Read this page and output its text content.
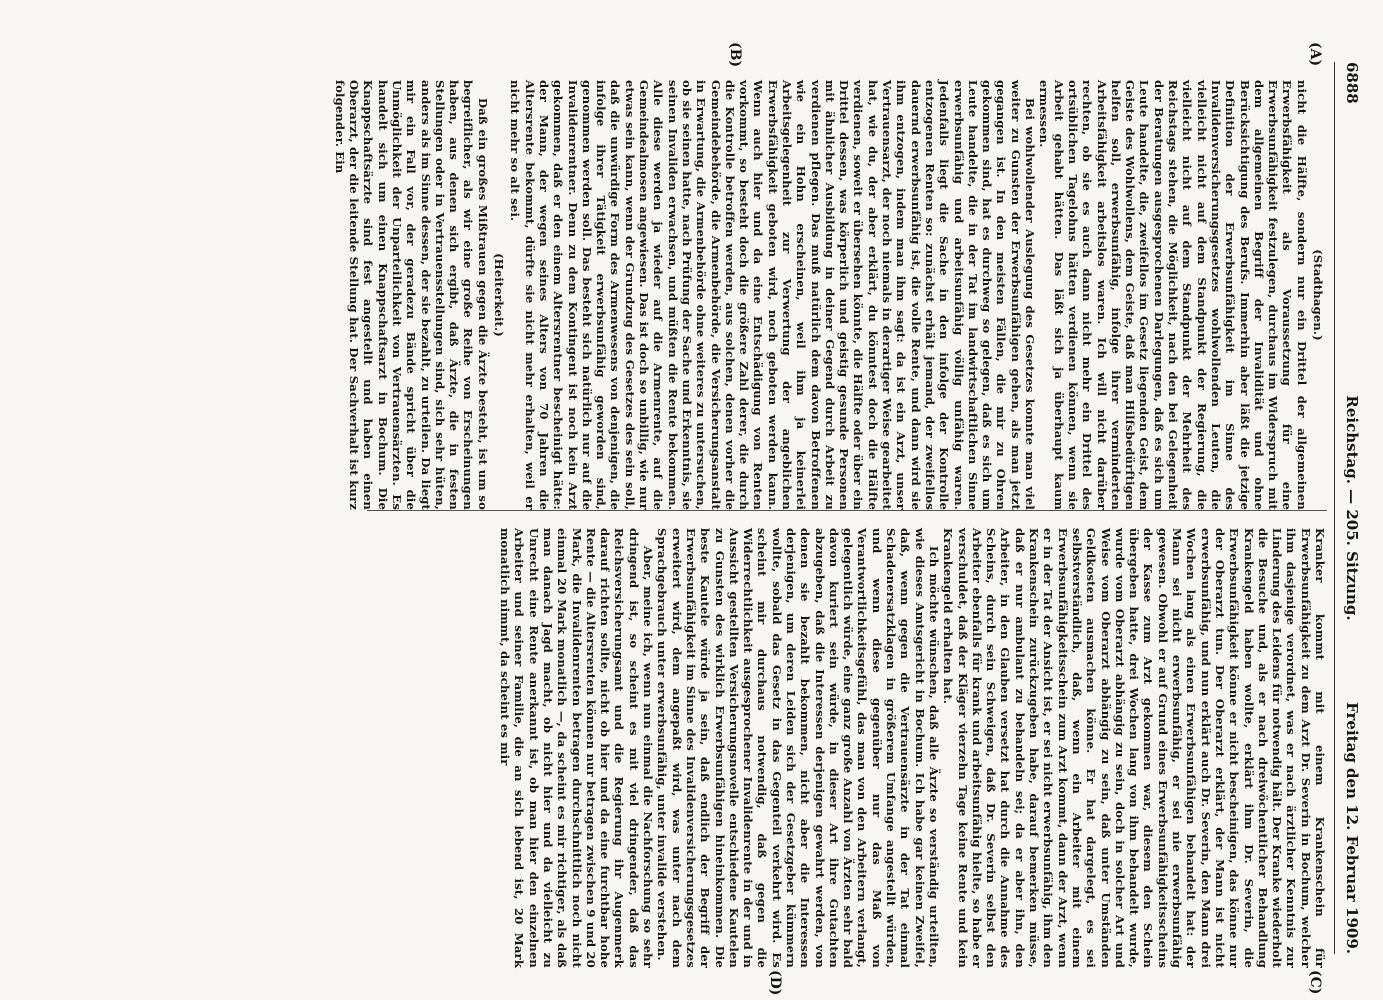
6888
Reichstag. — 205. Sitzung.
Freitag den 12. Februar 1909.
(A)
(B)
(C)
(D)

(Stadthagen.)

nicht die Hälfte, sondern nur ein Drittel der allgemeinen Erwerbsfähigkeit als Voraussetzung für eine Erwerbsunfähigkeit festzulegen, durchaus im Widerspruch mit dem allgemeinen Begriff der Invalidität und ohne Berücksichtigung des Berufs. Immerhin aber läßt die jetzige Definition der Erwerbsunfähigkeit im Sinne des Invalidenversicherungsgesetzes wohlwollenden Leuten, die vielleicht nicht auf dem Standpunkt der Regierung, die vielleicht nicht auf dem Standpunkt der Mehrheit des Reichstags stehen, die Möglichkeit, nach den bei Gelegenheit der Beratungen ausgesprochenen Darlegungen, daß es sich um Leute handelte, die, zweifellos im Gesetz liegenden Geist, dem Geiste des Wohlwollens, dem Geiste, daß man Hilfsbedürftigen helfen soll, erwerbsunfähig, infolge ihrer verminderten Arbeitsfähigkeit arbeitslos waren. Ich will nicht darüber rechten, ob sie es auch dann nicht mehr ein Drittel des ortsüblichen Tagelohns hätten verdienen können, wenn sie Arbeit gehabt hätten. Das läßt sich ja überhaupt kaum ermessen.

Bei wohlwollender Auslegung des Gesetzes konnte man viel weiter zu Gunsten der Erwerbsunfähigen gehen, als man jetzt gegangen ist. In den meisten Fällen, die mir zu Ohren gekommen sind, hat es durchweg so gelegen, daß es sich um Leute handelte, die in der Tat im landwirtschaftlichen Sinne erwerbsunfähig und arbeitsunfähig völlig unfähig waren. Jedenfalls liegt die Sache in den infolge der Kontrolle entzogenen Renten so: zunächst erhält jemand, der zweifellos dauernd erwerbsunfähig ist, die volle Rente, und dann wird sie ihm entzogen, indem man ihm sagt: da ist ein Arzt, unser Vertrauensarzt, der noch niemals in derartiger Weise gearbeitet hat, wie du, der aber erklärt, du könntest doch die Hälfte verdienen, soweit er übersehen könnte, die Hälfte oder über ein Drittel dessen, was körperlich und geistig gesunde Personen mit ähnlicher Ausbildung in deiner Gegend durch Arbeit zu verdienen pflegen. Das muß natürlich dem davon Betroffenen wie ein Hohn erscheinen, weil ihm ja keinerlei Arbeitsgelegenheit zur Verwertung der angeblichen Erwerbsfähigkeit geboten wird, noch geboten werden kann. Wenn auch hier und da eine Entschädigung von Renten vorkommt, so besteht doch die größere Zahl derer, die durch die Kontrolle betroffen werden, aus solchen, denen vorher die Gemeindebehörde, die Armenbehörde, die Versicherungsanstalt in Erwartung, die Armenbehörde ohne weiteres zu untersuchen, ob sie seinen hatte, nach Prüfung der Sache und Erkenntnis, sie seinen Invaliden erwachsen, und müßten die Rente bekommen. Alle diese werden ja wieder auf die Armenrente, auf die Gemeindealmosen angewiesen. Das ist doch so unbillig, wie nur etwas sein kann, wenn der Grundzug des Gesetzes des sein soll, daß die unwürdige Form des Armenwesens von denjenigen, die infolge ihrer Tätigkeit erwerbsunfähig geworden sind, genommen werden soll. Das besteht sich natürlich nur auf die Invalidenrentner. Denn zu dem Kontingent ist noch kein Arzt gekommen, daß er den einem Altersrentner bescheinigt hätte: der Mann, der wegen seines Alters von 70 Jahren die Altersrente bekommt, dürfte sie nicht mehr erhalten, weil er nicht mehr so alt sei.

(Heiterkeit.)

Daß ein großes Mißtrauen gegen die Ärzte besteht, ist um so begreiflicher, als wir eine große Reihe von Erscheinungen haben, aus denen sich ergibt, daß Ärzte, die in festen Stellungen oder in Vertrauensstellungen sind, sich sehr hüten, anders als im Sinne dessen, der sie bezahlt, zu urteilen. Da liegt mir ein Fall vor, der geradezu Bände spricht über die Unmöglichkeit der Unparteilichkeit von Vertrauensärzten. Es handelt sich um einen Knappschaftsarzt in Bochum. Die Knappschaftsärzte sind fest angestellt und haben einen Oberarzt, der die leitende Stellung hat. Der Sachverhalt ist kurz folgender. Ein

Kranker kommt mit einem Krankenschein für Erwerbsunfähigkeit zu dem Arzt Dr. Severin in Bochum, welcher ihm dasjenige verordnet, was er nach ärztlicher Kenntnis zur Linderung des Leidens für notwendig hält. Der Kranke wiederholt die Besuche und, als er nach dreiwöchentlicher Behandlung Krankengeld haben wollte, erklärt ihm Dr. Severin, die Erwerbsunfähigkeit könne er nicht bescheinigen, das könne nur der Oberarzt tun. Der Oberarzt erklärt, der Mann ist nicht erwerbsunfähig, und nun erklärt auch Dr. Severin, den Mann drei Wochen lang als einen Erwerbsunfähigen behandelt hat: der Mann sei nicht erwerbsunfähig, er sei nie erwerbsunfähig gewesen. Obwohl er auf Grund eines Erwerbsunfähigkeitsscheins der Kasse zum Arzt gekommen war, diesem den Schein übergeben hatte, drei Wochen lang von ihm behandelt wurde, wurde vom Oberarzt abhängig zu sein, doch in solcher Art und Weise vom Oberarzt abhängig zu sein, daß unter Umständen Geldkosten ausmachen könne. Er hat dargelegt, es sei selbstverständlich, daß, wenn ein Arbeiter mit einem Erwerbsunfähigkeitsschein zum Arzt kommt, dann der Arzt, wenn er in der Tat der Ansicht ist, er sei nicht erwerbsunfähig, ihm den Krankenschein zurückzugeben habe, darauf bemerken müsse, daß er nur ambulant zu behandeln sei; da er aber ihn, den Arbeiter, in den Glauben versetzt hat durch die Annahme des Scheins, durch sein Schweigen, daß Dr. Severin selbst den Arbeiter ebenfalls für krank und arbeitsunfähig hielte, so habe er verschuldet, daß der Kläger vierzehn Tage keine Rente und kein Krankengeld erhalten hat.

Ich möchte wünschen, daß alle Ärzte so verständig urteilten, wie dieses Amtsgericht in Bochum. Ich habe gar keinen Zweifel, daß, wenn gegen die Vertrauensärzte in der Tat einmal Schadenersatzklagen in größerem Umfange angestellt würden, und wenn diese gegenüber nur das Maß von Verantwortlichkeitsgefühl, das man von den Arbeitern verlangt, gelegentlich würde, eine ganz große Anzahl von Ärzten sehr bald davon kuriert sein würde, in dieser Art ihre Gutachten abzugeben, daß die Interessen derjenigen gewahrt werden, von denen sie bezahlt bekommen, nicht aber die Interessen derjenigen, um deren Leiden sich der Gesetzgeber kümmern wollte, sobald das Gesetz in das Gegenteil verkehrt wird. Es scheint mir durchaus notwendig, daß gegen die Widerrechtlichkeit ausgesprochener Invalidenrente in der und in Aussicht gestellten Versicherungsnovelle entschiedene Kautelen zu Gunsten des wirklich Erwerbsunfähigen hineinkommen. Die beste Kautele würde ja sein, daß endlich der Begriff der Erwerbsunfähigkeit im Sinne des Invalidenversicherungsgesetzes erweitert wird, dem angepaßt wird, was unter nach dem Sprachgebrauch unter erwerbsunfähig, unter invalide verstehen.

Aber, meine ich, wenn nun einmal die Nachforschung so sehr dringend ist, so scheint es mit viel dringender, daß das Reichsversicherungsamt und die Regierung ihr Augenmerk darauf richten sollte, nicht ob hier und da eine furchtbar hohe Rente — die Altersrenten können nur betragen zwischen 9 und 20 Mark, die Invalidenrenten betragen durchschnittlich noch nicht einmal 20 Mark monatlich —, da scheint es mir richtiger, als daß man danach Jagd macht, ob nicht hier und da vielleicht zu Unrecht eine Rente anerkannt ist, ob man hier den einzelnen Arbeiter und seiner Familie, die an sich lebend ist, 20 Mark monatlich nimmt, da scheint es mir
